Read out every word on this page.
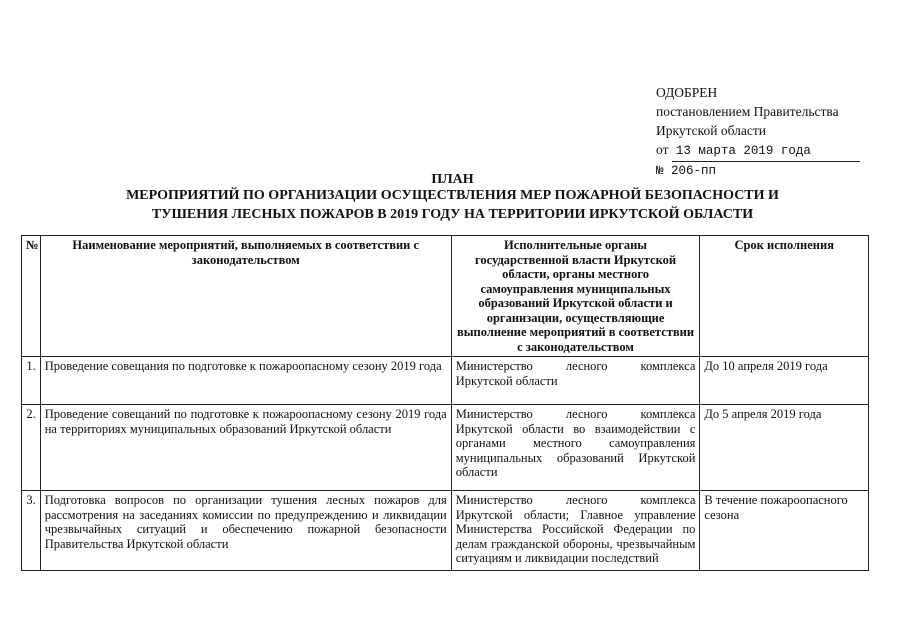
ОДОБРЕН
постановлением Правительства
Иркутской области
от 13 марта 2019 года
№ 206-пп
ПЛАН
МЕРОПРИЯТИЙ ПО ОРГАНИЗАЦИИ ОСУЩЕСТВЛЕНИЯ МЕР ПОЖАРНОЙ БЕЗОПАСНОСТИ И
ТУШЕНИЯ ЛЕСНЫХ ПОЖАРОВ В 2019 ГОДУ НА ТЕРРИТОРИИ ИРКУТСКОЙ ОБЛАСТИ
№	Наименование мероприятий, выполняемых в соответствии с законодательством	Исполнительные органы государственной власти Иркутской области, органы местного самоуправления муниципальных образований Иркутской области и организации, осуществляющие выполнение мероприятий в соответствии с законодательством	Срок исполнения
1.	Проведение совещания по подготовке к пожароопасному сезону 2019 года	Министерство лесного комплекса Иркутской области	До 10 апреля 2019 года
2.	Проведение совещаний по подготовке к пожароопасному сезону 2019 года на территориях муниципальных образований Иркутской области	Министерство лесного комплекса Иркутской области во взаимодействии с органами местного самоуправления муниципальных образований Иркутской области	До 5 апреля 2019 года
3.	Подготовка вопросов по организации тушения лесных пожаров для рассмотрения на заседаниях комиссии по предупреждению и ликвидации чрезвычайных ситуаций и обеспечению пожарной безопасности Правительства Иркутской области	Министерство лесного комплекса Иркутской области; Главное управление Министерства Российской Федерации по делам гражданской обороны, чрезвычайным ситуациям и ликвидации последствий	В течение пожароопасного сезона
